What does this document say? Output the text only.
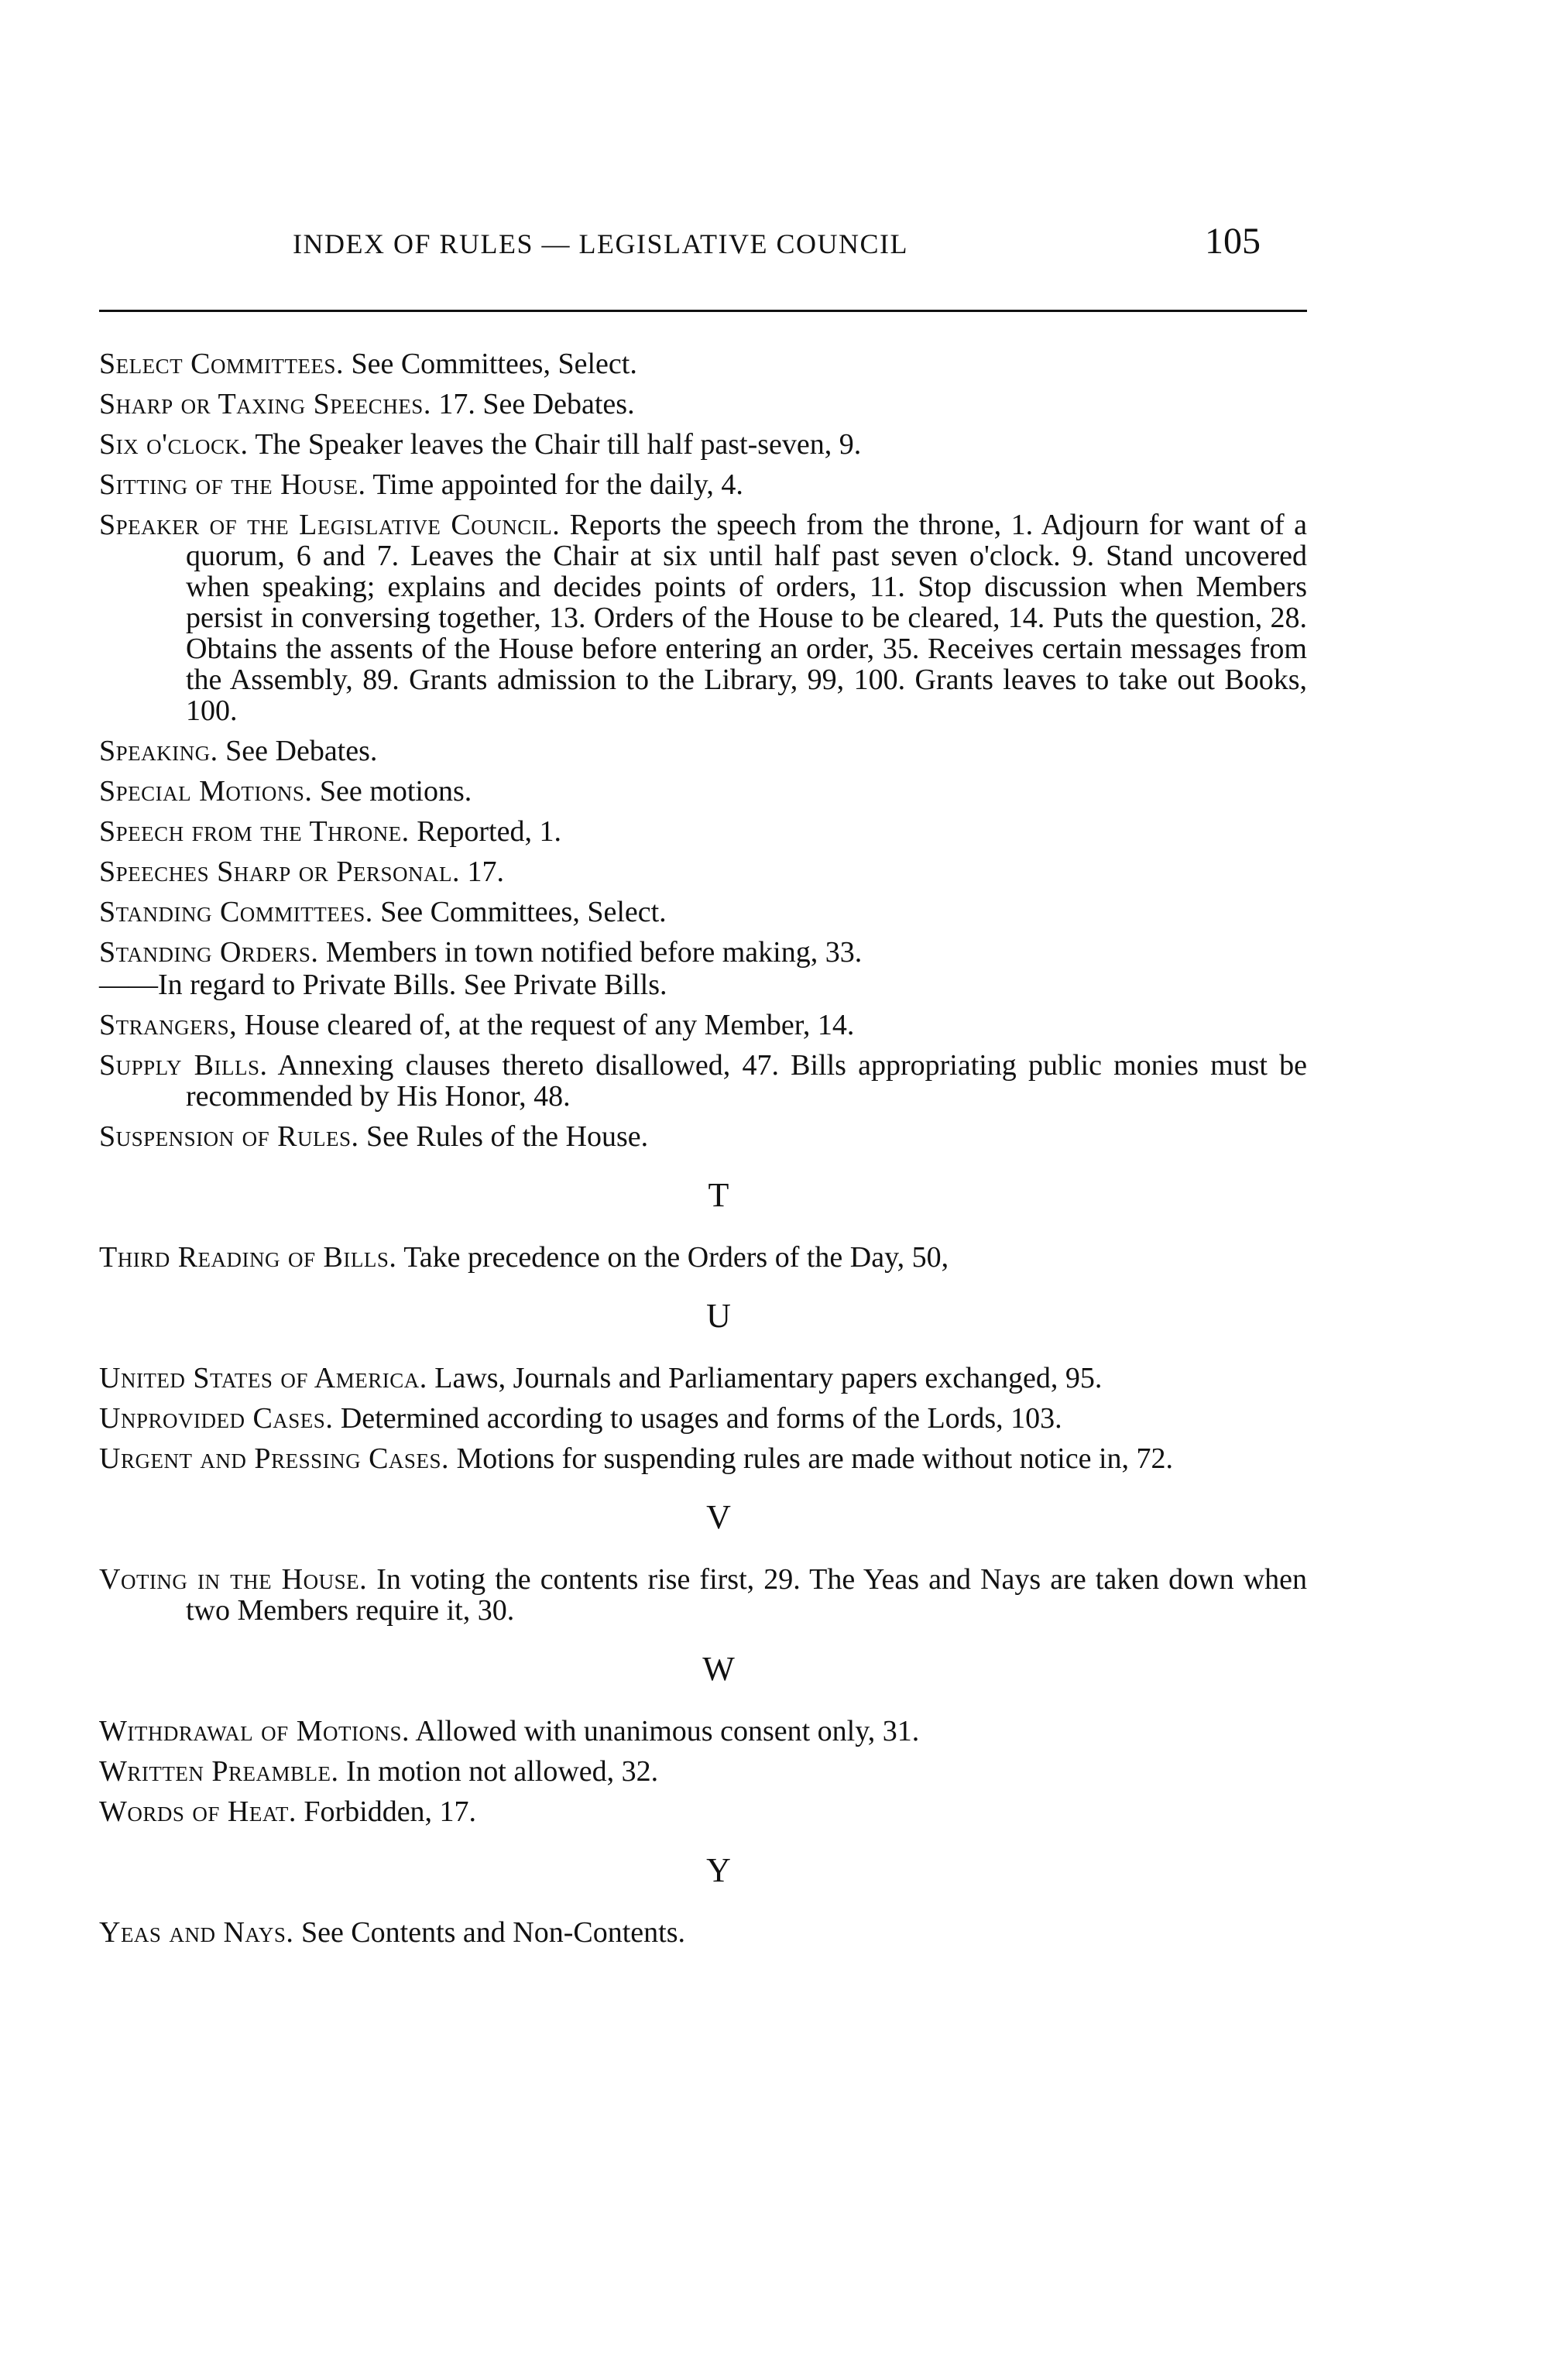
INDEX OF RULES — LEGISLATIVE COUNCIL	105
Select Committees. See Committees, Select.
Sharp or Taxing Speeches. 17. See Debates.
Six o'clock. The Speaker leaves the Chair till half past-seven, 9.
Sitting of the House. Time appointed for the daily, 4.
Speaker of the Legislative Council. Reports the speech from the throne, 1. Adjourn for want of a quorum, 6 and 7. Leaves the Chair at six until half past seven o'clock. 9. Stand uncovered when speaking; explains and decides points of orders, 11. Stop discussion when Members persist in conversing together, 13. Orders of the House to be cleared, 14. Puts the question, 28. Obtains the assents of the House before entering an order, 35. Receives certain messages from the Assembly, 89. Grants admission to the Library, 99, 100. Grants leaves to take out Books, 100.
Speaking. See Debates.
Special Motions. See motions.
Speech from the Throne. Reported, 1.
Speeches Sharp or Personal. 17.
Standing Committees. See Committees, Select.
Standing Orders. Members in town notified before making, 33.
——In regard to Private Bills. See Private Bills.
Strangers, House cleared of, at the request of any Member, 14.
Supply Bills. Annexing clauses thereto disallowed, 47. Bills appropriating public monies must be recommended by His Honor, 48.
Suspension of Rules. See Rules of the House.
T
Third Reading of Bills. Take precedence on the Orders of the Day, 50,
U
United States of America. Laws, Journals and Parliamentary papers exchanged, 95.
Unprovided Cases. Determined according to usages and forms of the Lords, 103.
Urgent and Pressing Cases. Motions for suspending rules are made without notice in, 72.
V
Voting in the House. In voting the contents rise first, 29. The Yeas and Nays are taken down when two Members require it, 30.
W
Withdrawal of Motions. Allowed with unanimous consent only, 31.
Written Preamble. In motion not allowed, 32.
Words of Heat. Forbidden, 17.
Y
Yeas and Nays. See Contents and Non-Contents.
